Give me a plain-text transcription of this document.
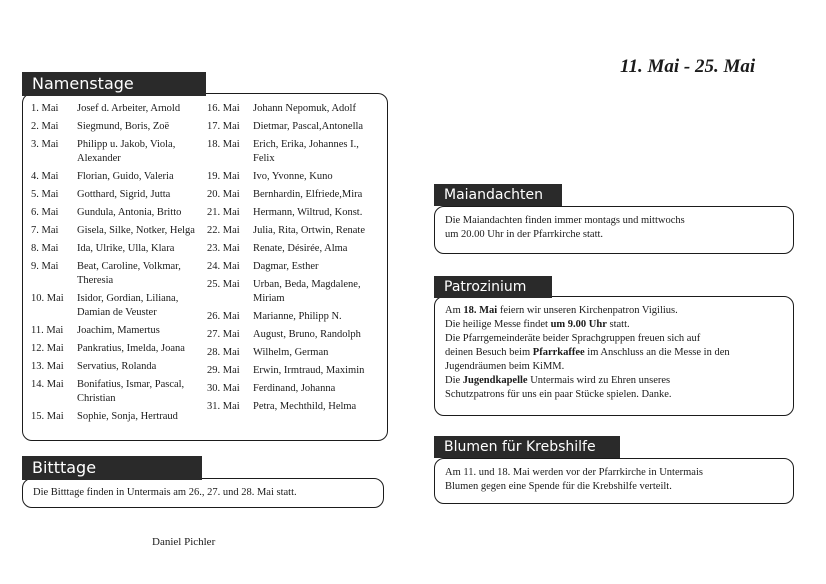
11. Mai - 25. Mai
Namenstage
1. Mai	Josef d. Arbeiter, Arnold
2. Mai	Siegmund, Boris, Zoë
3. Mai	Philipp u. Jakob, Viola, Alexander
4. Mai	Florian, Guido, Valeria
5. Mai	Gotthard, Sigrid, Jutta
6. Mai	Gundula, Antonia, Britto
7. Mai	Gisela, Silke, Notker, Helga
8. Mai	Ida, Ulrike, Ulla, Klara
9. Mai	Beat, Caroline, Volkmar, Theresia
10. Mai	Isidor, Gordian, Liliana, Damian de Veuster
11. Mai	Joachim, Mamertus
12. Mai	Pankratius, Imelda, Joana
13. Mai	Servatius, Rolanda
14. Mai	Bonifatius, Ismar, Pascal, Christian
15. Mai	Sophie, Sonja, Hertraud
16. Mai	Johann Nepomuk, Adolf
17. Mai	Dietmar, Pascal,Antonella
18. Mai	Erich, Erika, Johannes I., Felix
19. Mai	Ivo, Yvonne, Kuno
20. Mai	Bernhardin, Elfriede,Mira
21. Mai	Hermann, Wiltrud, Konst.
22. Mai	Julia, Rita, Ortwin, Renate
23. Mai	Renate, Désirée, Alma
24. Mai	Dagmar, Esther
25. Mai	Urban, Beda, Magdalene, Miriam
26. Mai	Marianne, Philipp N.
27. Mai	August, Bruno, Randolph
28. Mai	Wilhelm, German
29. Mai	Erwin, Irmtraud, Maximin
30. Mai	Ferdinand, Johanna
31. Mai	Petra, Mechthild, Helma
Bitttage
Die Bitttage finden in Untermais am 26., 27. und 28. Mai statt.
Maiandachten
Die Maiandachten finden immer montags und mittwochs
um 20.00 Uhr in der Pfarrkirche statt.
Patrozinium
Am 18. Mai feiern wir unseren Kirchenpatron Vigilius.
Die heilige Messe findet um 9.00 Uhr statt.
Die Pfarrgemeinderäte beider Sprachgruppen freuen sich auf
deinen Besuch beim Pfarrkaffee im Anschluss an die Messe in den
Jugendräumen beim KiMM.
Die Jugendkapelle Untermais wird zu Ehren unseres
Schutzpatrons für uns ein paar Stücke spielen. Danke.
Blumen für Krebshilfe
Am 11. und 18. Mai werden vor der Pfarrkirche in Untermais
Blumen gegen eine Spende für die Krebshilfe verteilt.
Daniel Pichler
